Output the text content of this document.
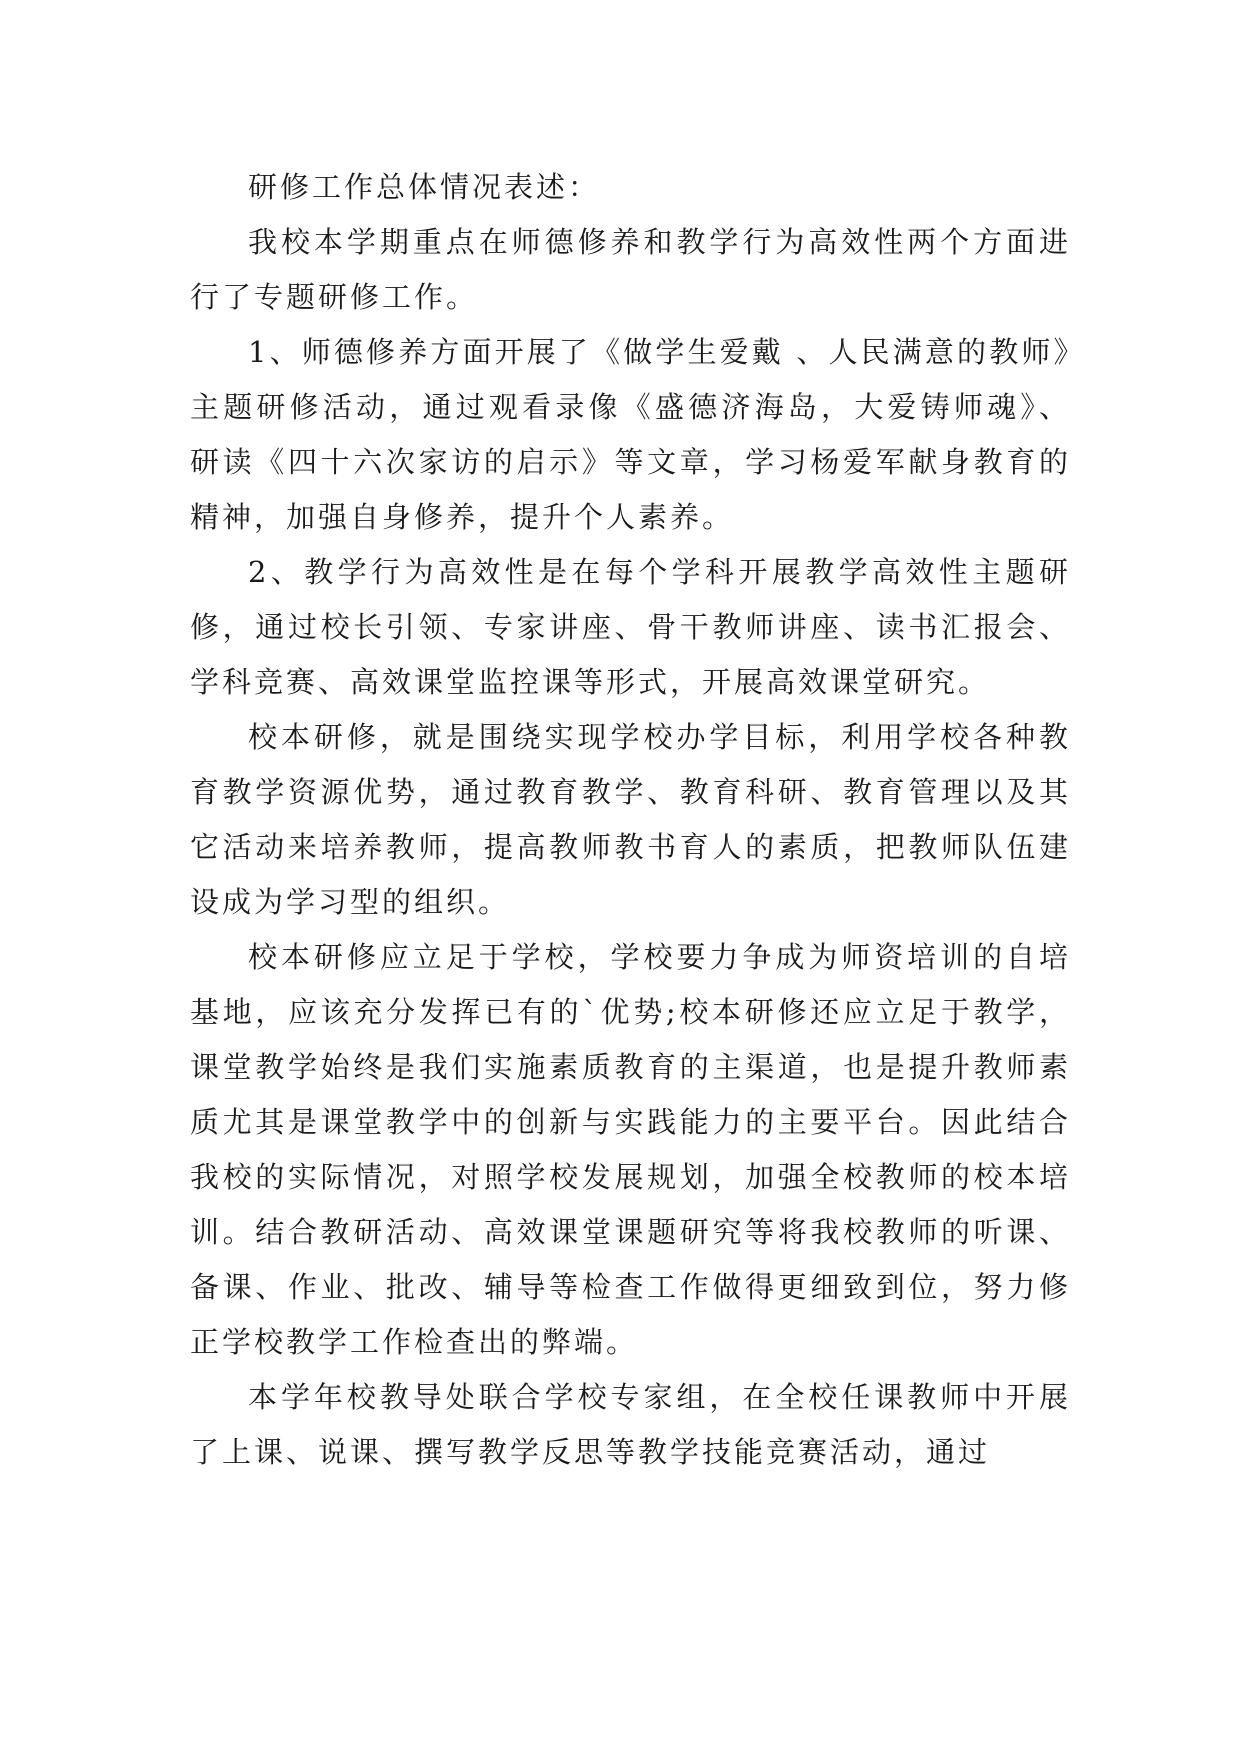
研修工作总体情况表述：

我校本学期重点在师德修养和教学行为高效性两个方面进行了专题研修工作。

1、师德修养方面开展了《做学生爱戴 、人民满意的教师》主题研修活动，通过观看录像《盛德济海岛，大爱铸师魂》、研读《四十六次家访的启示》等文章，学习杨爱军献身教育的精神，加强自身修养，提升个人素养。

2、教学行为高效性是在每个学科开展教学高效性主题研修，通过校长引领、专家讲座、骨干教师讲座、读书汇报会、学科竞赛、高效课堂监控课等形式，开展高效课堂研究。

校本研修，就是围绕实现学校办学目标，利用学校各种教育教学资源优势，通过教育教学、教育科研、教育管理以及其它活动来培养教师，提高教师教书育人的素质，把教师队伍建设成为学习型的组织。

校本研修应立足于学校，学校要力争成为师资培训的自培基地，应该充分发挥已有的`优势;校本研修还应立足于教学，课堂教学始终是我们实施素质教育的主渠道，也是提升教师素质尤其是课堂教学中的创新与实践能力的主要平台。因此结合我校的实际情况，对照学校发展规划，加强全校教师的校本培训。结合教研活动、高效课堂课题研究等将我校教师的听课、备课、作业、批改、辅导等检查工作做得更细致到位，努力修正学校教学工作检查出的弊端。

本学年校教导处联合学校专家组，在全校任课教师中开展了上课、说课、撰写教学反思等教学技能竞赛活动，通过
